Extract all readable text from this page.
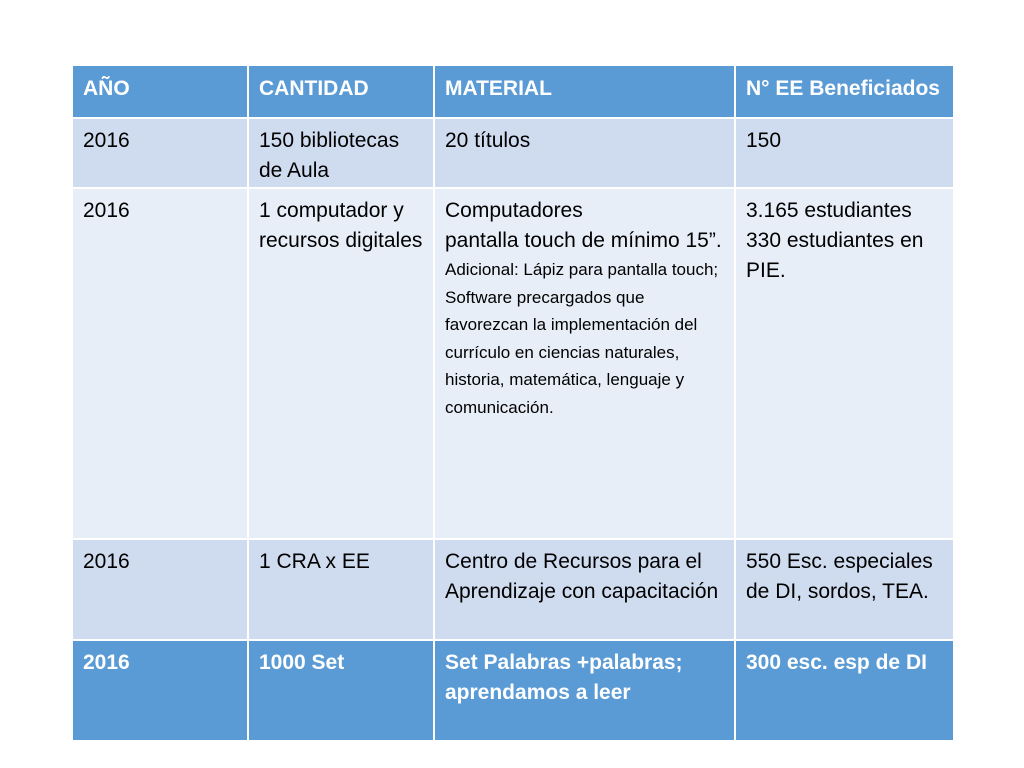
AÑO	CANTIDAD	MATERIAL	N° EE Beneficiados
2016	150 bibliotecas de Aula	20 títulos	150
2016	1 computador y recursos digitales	Computadores
pantalla touch de mínimo 15”.
Adicional: Lápiz para pantalla touch;
Software precargados que favorezcan la implementación del currículo en ciencias naturales, historia, matemática, lenguaje y comunicación.	3.165 estudiantes
330 estudiantes en PIE.

2016	1 CRA x EE	Centro de Recursos para el Aprendizaje con capacitación	550 Esc. especiales de DI, sordos, TEA.
2016	1000 Set	Set Palabras +palabras; aprendamos a leer	300 esc. esp de DI
